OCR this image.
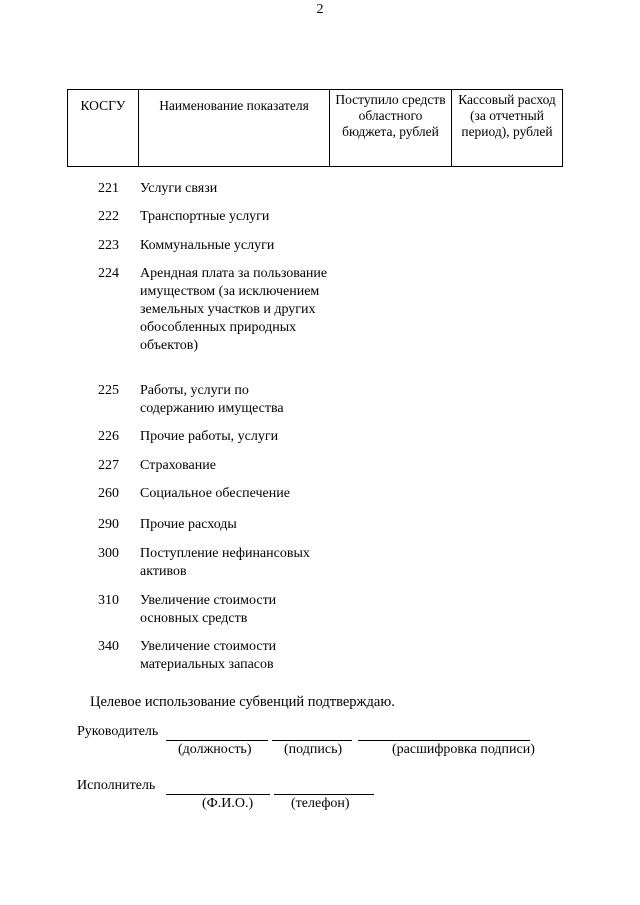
2
КОСГУ	Наименование показателя	Поступило средств областного бюджета, рублей	Кассовый расход (за отчетный период), рублей
221 Услуги связи
222 Транспортные услуги
223 Коммунальные услуги
224 Арендная плата за пользование имуществом (за исключением земельных участков и других обособленных природных объектов)
225 Работы, услуги по содержанию имущества
226 Прочие работы, услуги
227 Страхование
260 Социальное обеспечение
290 Прочие расходы
300 Поступление нефинансовых активов
310 Увеличение стоимости основных средств
340 Увеличение стоимости материальных запасов
Целевое использование субвенций подтверждаю.
Руководитель
(должность) (подпись)	(расшифровка подписи)
Исполнитель
(Ф.И.О.)	(телефон)
